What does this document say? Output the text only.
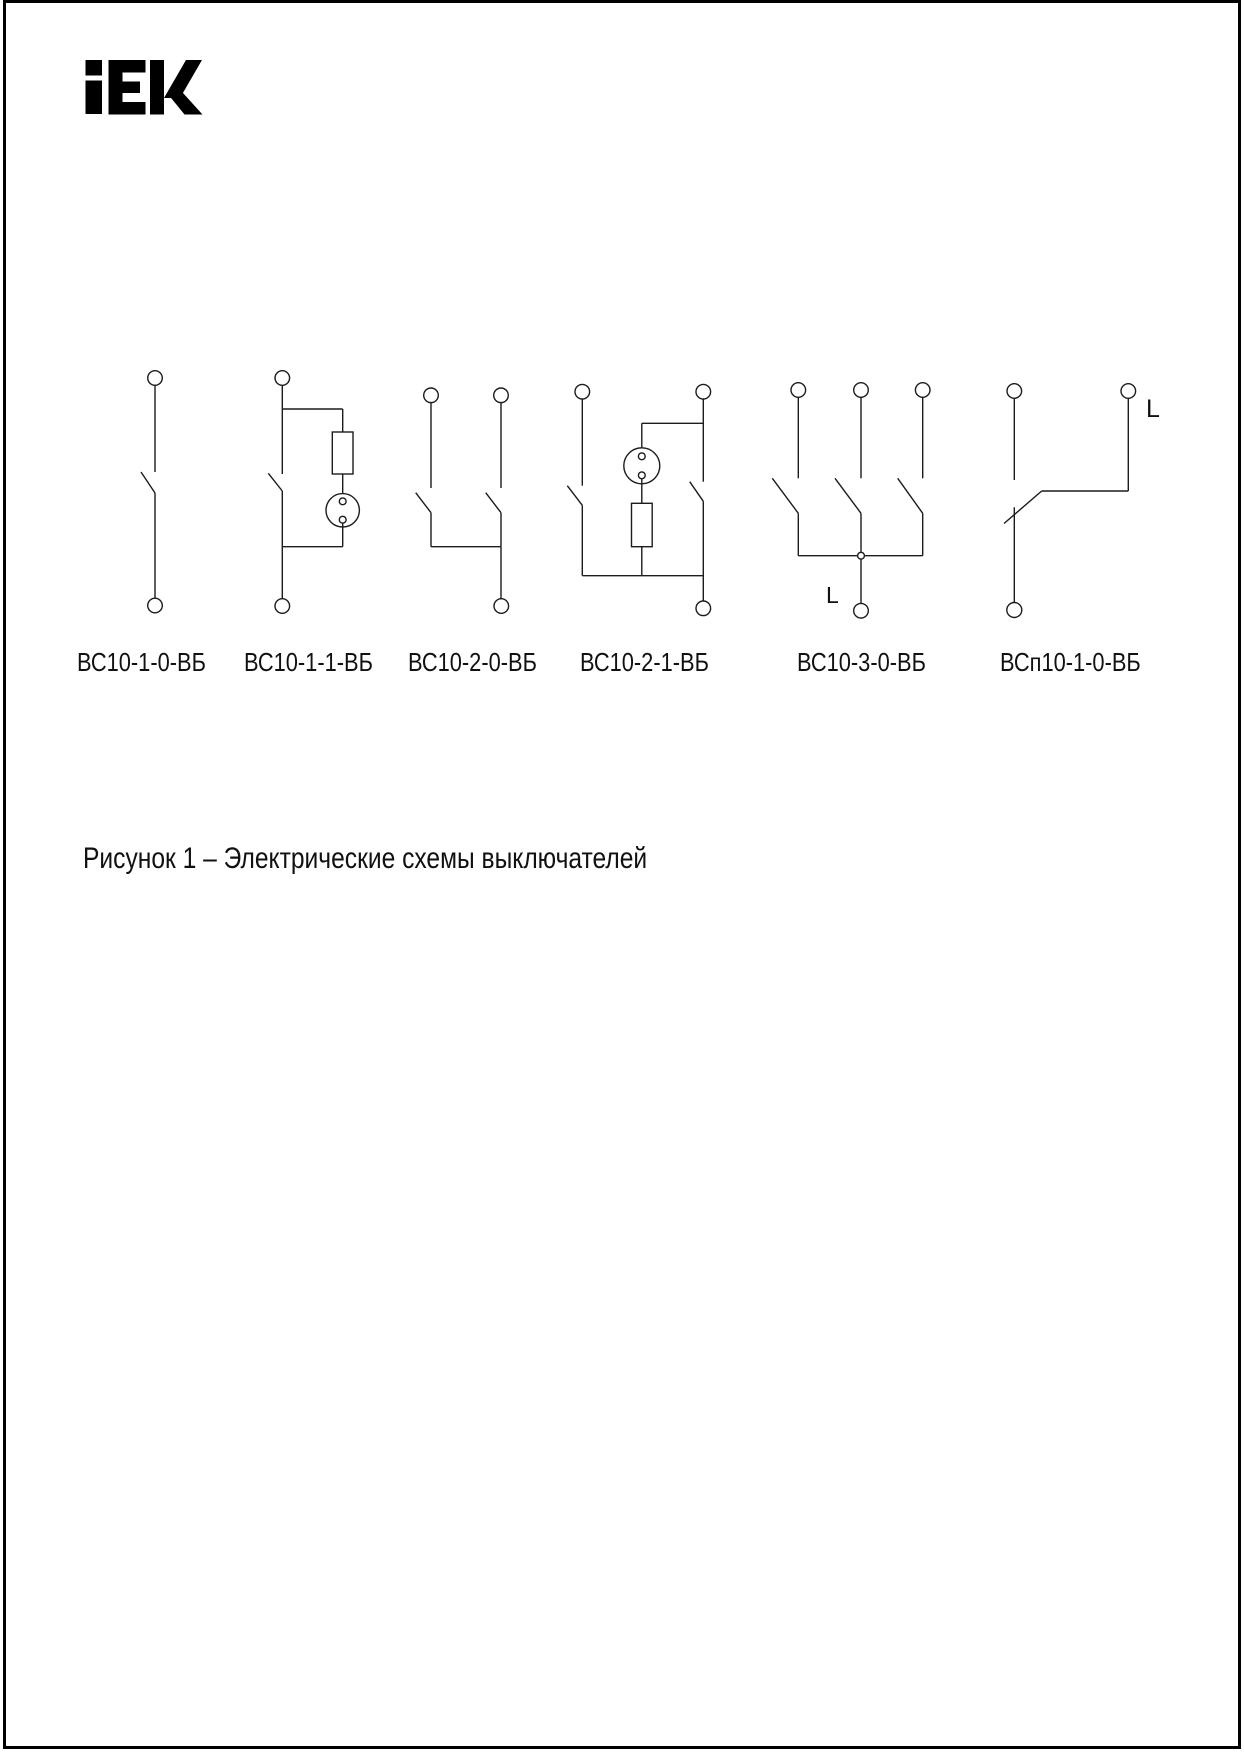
ВС10-1-0-ВБ ВС10-1-1-ВБ ВС10-2-0-ВБ ВС10-2-1-ВБ	ВС10-3-0-ВБ	ВСп10-1-0-ВБ
L
L
Рисунок 1 – Электрические схемы выключателей
